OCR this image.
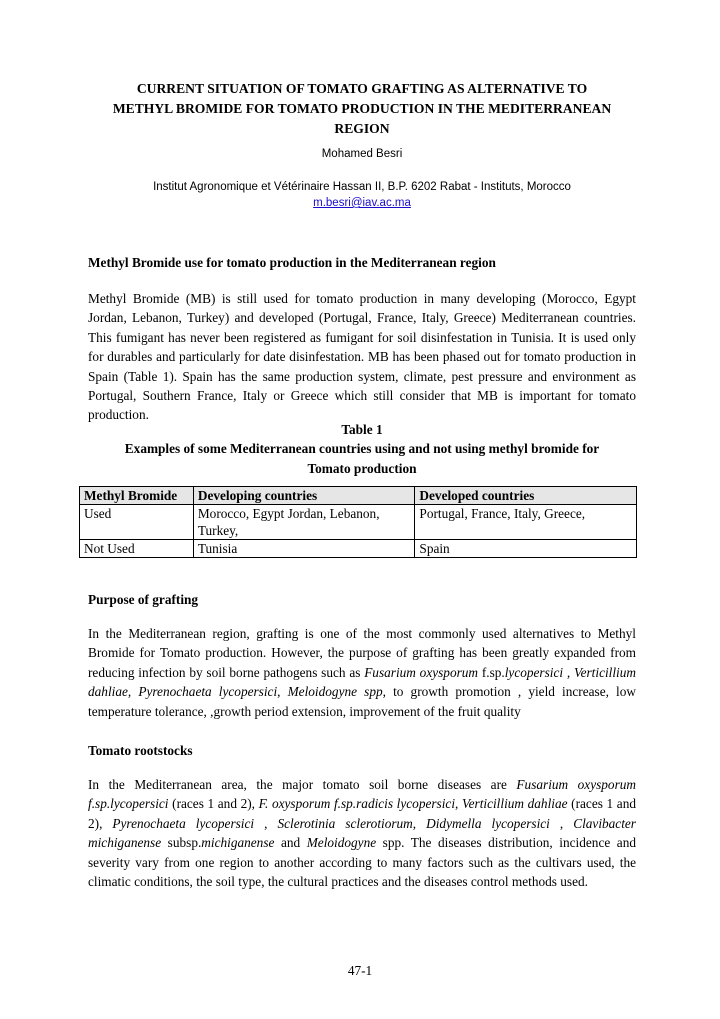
CURRENT SITUATION OF TOMATO GRAFTING AS ALTERNATIVE TO
METHYL BROMIDE FOR TOMATO PRODUCTION IN THE MEDITERRANEAN
REGION
Mohamed Besri
Institut Agronomique et Vétérinaire Hassan II, B.P. 6202 Rabat - Instituts, Morocco
m.besri@iav.ac.ma
Methyl Bromide use for tomato production in the Mediterranean region
Methyl Bromide (MB) is still used for tomato production in many developing (Morocco, Egypt Jordan, Lebanon, Turkey) and developed (Portugal, France, Italy, Greece) Mediterranean countries. This fumigant has never been registered as fumigant for soil disinfestation in Tunisia. It is used only for durables and particularly for date disinfestation. MB has been phased out for tomato production in Spain (Table 1). Spain has the same production system, climate, pest pressure and environment as Portugal, Southern France, Italy or Greece which still consider that MB is important for tomato production.
Table 1
Examples of some Mediterranean countries using and not using methyl bromide for
Tomato production
Methyl Bromide	Developing countries	Developed countries
Used	Morocco, Egypt Jordan, Lebanon, Turkey,	Portugal, France, Italy, Greece,
Not Used	Tunisia	Spain
Purpose of grafting
In the Mediterranean region, grafting is one of the most commonly used alternatives to Methyl Bromide for Tomato production. However, the purpose of grafting has been greatly expanded from reducing infection by soil borne pathogens such as Fusarium oxysporum f.sp.lycopersici , Verticillium dahliae, Pyrenochaeta lycopersici, Meloidogyne spp, to growth promotion , yield increase, low temperature tolerance, ,growth period extension, improvement of the fruit quality
Tomato rootstocks
In the Mediterranean area, the major tomato soil borne diseases are Fusarium oxysporum f.sp.lycopersici (races 1 and 2), F. oxysporum f.sp.radicis lycopersici, Verticillium dahliae (races 1 and 2), Pyrenochaeta lycopersici , Sclerotinia sclerotiorum, Didymella lycopersici , Clavibacter michiganense subsp.michiganense and Meloidogyne spp. The diseases distribution, incidence and severity vary from one region to another according to many factors such as the cultivars used, the climatic conditions, the soil type, the cultural practices and the diseases control methods used.
47-1
